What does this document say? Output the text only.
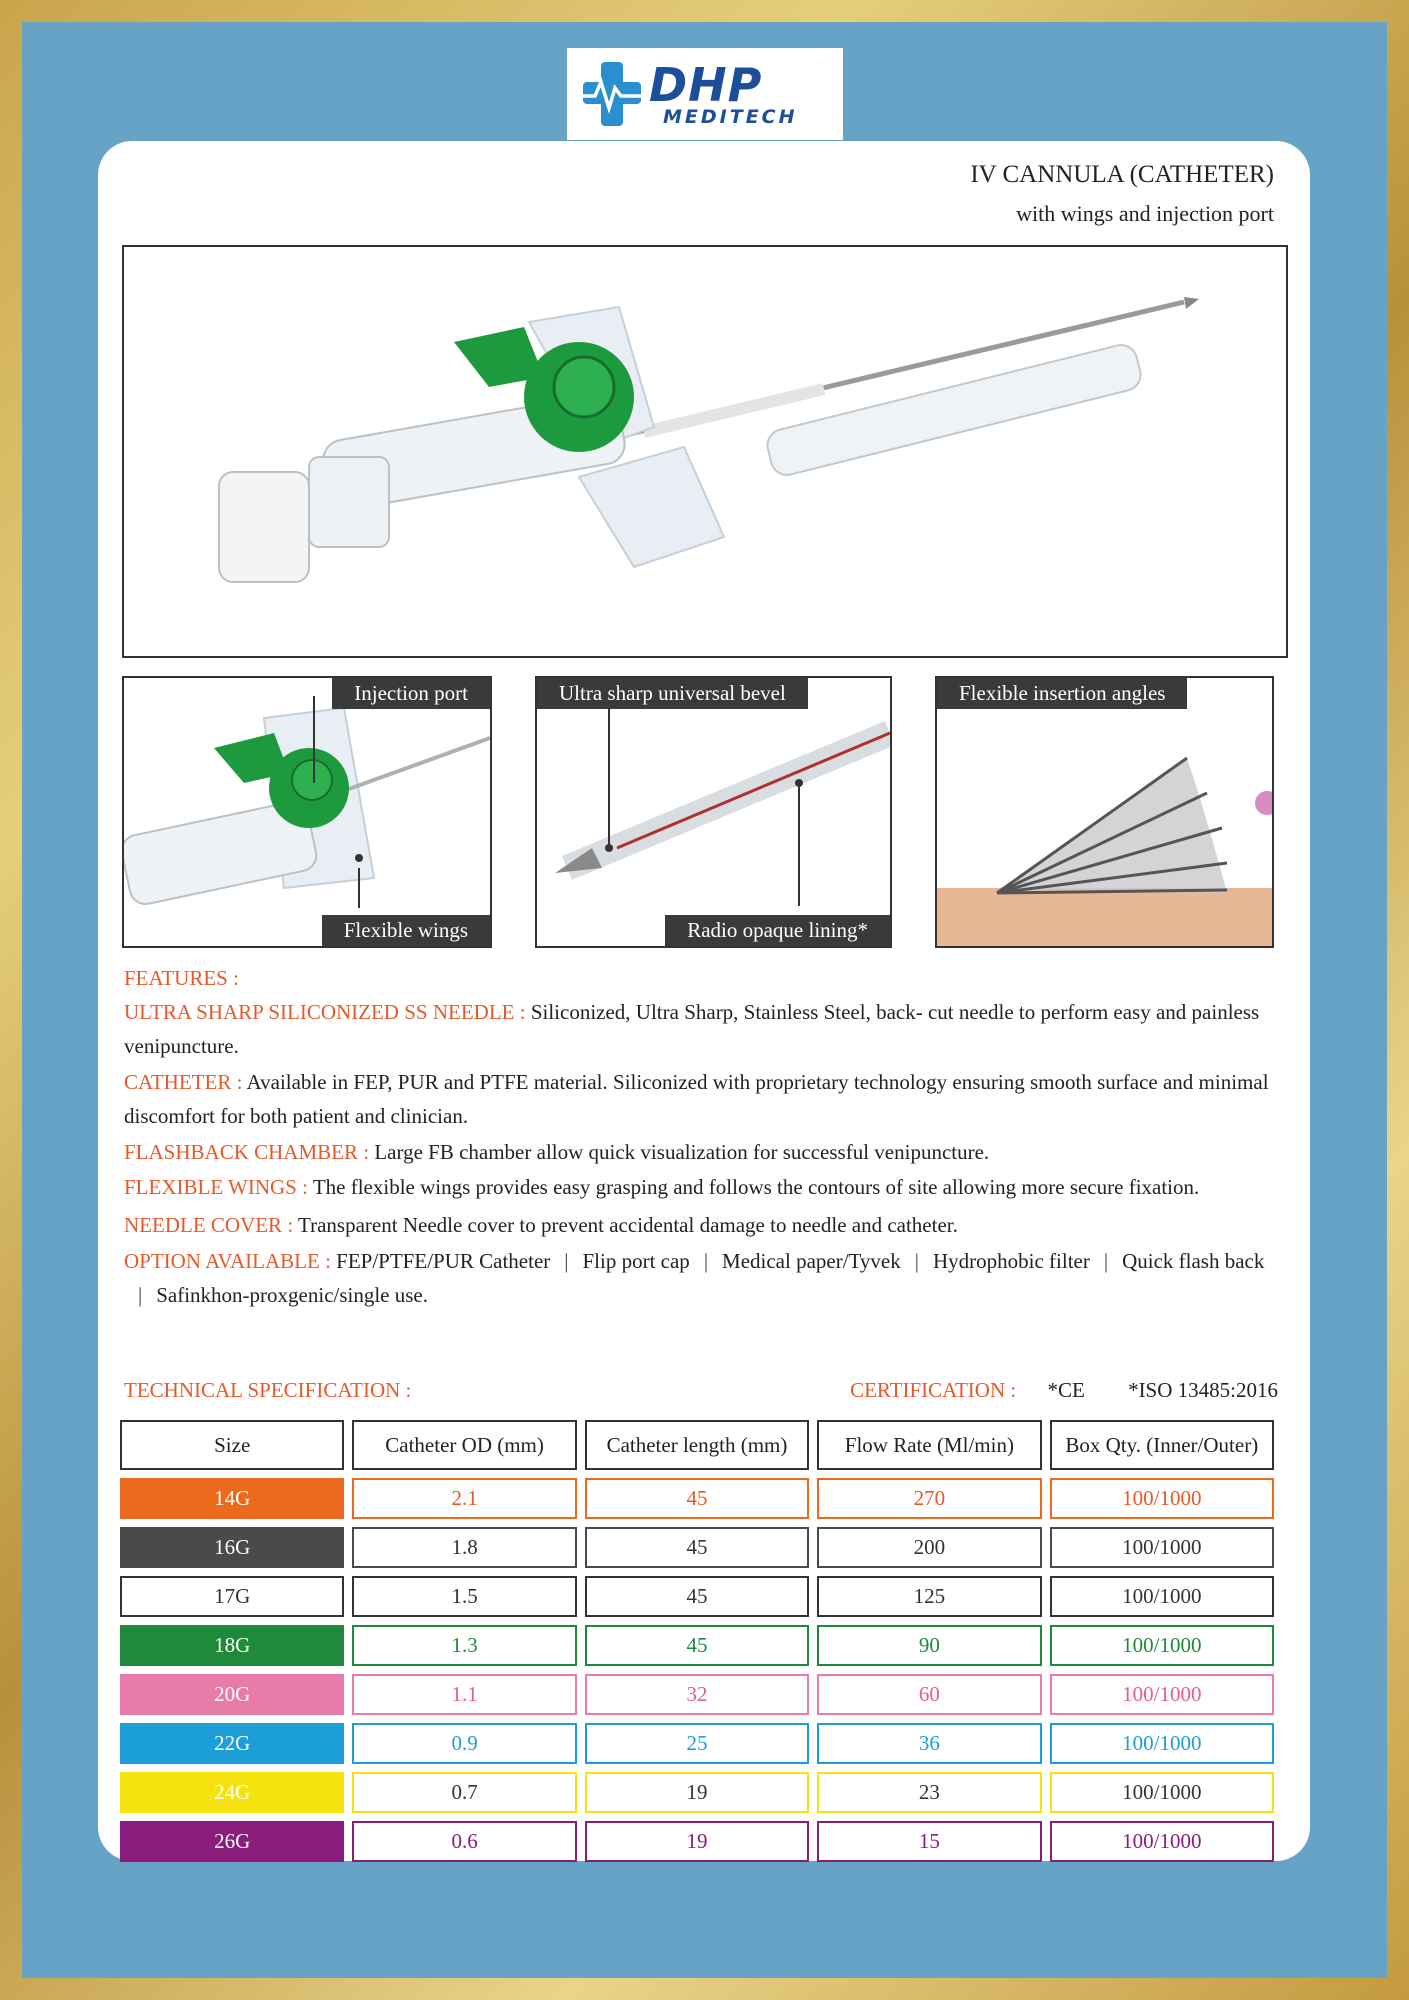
DHP
MEDITECH
IV CANNULA (CATHETER)
with wings and injection port
Injection port
Flexible wings
Ultra sharp universal bevel
Radio opaque lining*
Flexible insertion angles

FEATURES :

ULTRA SHARP SILICONIZED SS NEEDLE : Siliconized, Ultra Sharp, Stainless Steel, back- cut needle to perform easy and painless venipuncture.

CATHETER : Available in FEP, PUR and PTFE material. Siliconized with proprietary technology ensuring smooth surface and minimal discomfort for both patient and clinician.

FLASHBACK CHAMBER : Large FB chamber allow quick visualization for successful venipuncture.

FLEXIBLE WINGS : The flexible wings provides easy grasping and follows the contours of site allowing more secure fixation.

NEEDLE COVER : Transparent Needle cover to prevent accidental damage to needle and catheter.

OPTION AVAILABLE : FEP/PTFE/PUR Catheter | Flip port cap | Medical paper/Tyvek | Hydrophobic filter | Quick flash back| Safinkhon-proxgenic/single use.

TECHNICAL SPECIFICATION :	CERTIFICATION : *CE *ISO 13485:2016
Size	Catheter OD (mm)	Catheter length (mm)	Flow Rate (Ml/min)	Box Qty. (Inner/Outer)
14G	2.1	45	270	100/1000
16G	1.8	45	200	100/1000
17G	1.5	45	125	100/1000
18G	1.3	45	90	100/1000
20G	1.1	32	60	100/1000
22G	0.9	25	36	100/1000
24G	0.7	19	23	100/1000
26G	0.6	19	15	100/1000
